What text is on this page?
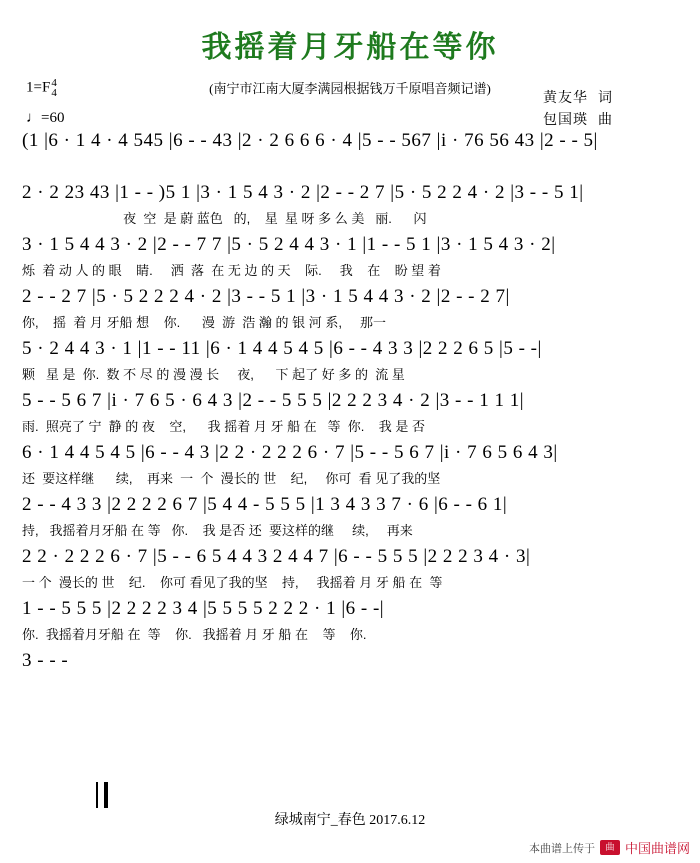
我摇着月牙船在等你
(南宁市江南大厦李满园根据钱万千原唱音频记谱)
1=F 4
4
♩=60
黄友华 词
包国瑛 曲
(1 |6 · 1 4 · 4 545 |6 - - 43 |2 · 2 6 6 6 · 4 |5 - - 567 |i · 76 56 43 |2 - - 5|
2 · 2 23 43 |1 - - )5 1 |3 · 1 5 4 3 · 2 |2 - - 2 7 |5 · 5 2 2 4 · 2 |3 - - 5 1|
夜  空  是 蔚 蓝色   的,    星  星 呀 多 么 美   丽.      闪
3 · 1 5 4 4 3 · 2 |2 - - 7 7 |5 · 5 2 4 4 3 · 1 |1 - - 5 1 |3 · 1 5 4 3 · 2|
烁  着 动 人 的 眼    睛.     洒  落  在 无 边 的 天    际.     我    在    盼 望 着
2 - - 2 7 |5 · 5 2 2 2 4 · 2 |3 - - 5 1 |3 · 1 5 4 4 3 · 2 |2 - - 2 7|
你,    摇  着 月 牙船 想    你.      漫  游  浩 瀚 的 银 河 系,     那一
5 · 2 4 4 3 · 1 |1 - - 11 |6 · 1 4 4 5 4 5 |6 - - 4 3 3 |2 2 2 6 5 |5 - -|
颗   星 是  你.  数 不 尽 的 漫 漫 长     夜,      下 起了 好 多 的  流 星
5 - - 5 6 7 |i · 7 6 5 · 6 4 3 |2 - - 5 5 5 |2 2 2 3 4 · 2 |3 - - 1 1 1|
雨.  照亮了 宁  静 的 夜    空,      我 摇着 月 牙 船 在   等  你.    我 是 否
6 · 1 4 4 5 4 5 |6 - - 4 3 |2 2 · 2 2 2 6 · 7 |5 - - 5 6 7 |i · 7 6 5 6 4 3|
还  要这样继      续,    再来  一  个  漫长的 世    纪,     你可  看 见了我的坚
2 - - 4 3 3 |2 2 2 2 6 7 |5 4 4 - 5 5 5 |1 3 4 3 3 7 · 6 |6 - - 6 1|
持,   我摇着月牙船 在 等   你.    我 是否 还  要这样的继     续,     再来
2 2 · 2 2 2 6 · 7 |5 - - 6 5 4 4 3 2 4 4 7 |6 - - 5 5 5 |2 2 2 3 4 · 3|
一 个  漫长的 世    纪.    你可 看见了我的坚    持,     我摇着 月 牙 船 在  等
1 - - 5 5 5 |2 2 2 2 3 4 |5 5 5 5 2 2 2 · 1 |6 - -|
你.  我摇着月牙船 在  等    你.   我摇着 月 牙 船 在    等    你.
3 - - -
绿城南宁_春色 2017.6.12
本曲谱上传于	曲 中国曲谱网
